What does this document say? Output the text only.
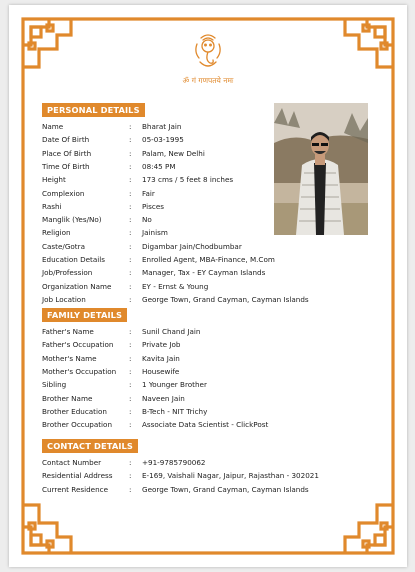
ॐ गं गणपतये नमः
PERSONAL DETAILS
Name	: Bharat Jain
Date Of Birth	: 05-03-1995
Place Of Birth	: Palam, New Delhi
Time Of Birth	: 08:45 PM
Height	: 173 cms / 5 feet 8 inches
Complexion	: Fair
Rashi	: Pisces
Manglik (Yes/No)	: No
Religion	: Jainism
Caste/Gotra	: Digambar Jain/Chodbumbar
Education Details	: Enrolled Agent, MBA-Finance, M.Com
Job/Profession	: Manager, Tax - EY Cayman Islands
Organization Name	: EY - Ernst & Young
Job Location	: George Town, Grand Cayman, Cayman Islands
FAMILY DETAILS
Father's Name	: Sunil Chand Jain
Father's Occupation	: Private Job
Mother's Name	: Kavita Jain
Mother's Occupation	: Housewife
Sibling	: 1 Younger Brother
Brother Name	: Naveen Jain
Brother Education	: B-Tech - NIT Trichy
Brother Occupation	: Associate Data Scientist - ClickPost
CONTACT DETAILS
Contact Number	: +91-9785790062
Residential Address	: E-169, Vaishali Nagar, Jaipur, Rajasthan - 302021
Current Residence	: George Town, Grand Cayman, Cayman Islands
